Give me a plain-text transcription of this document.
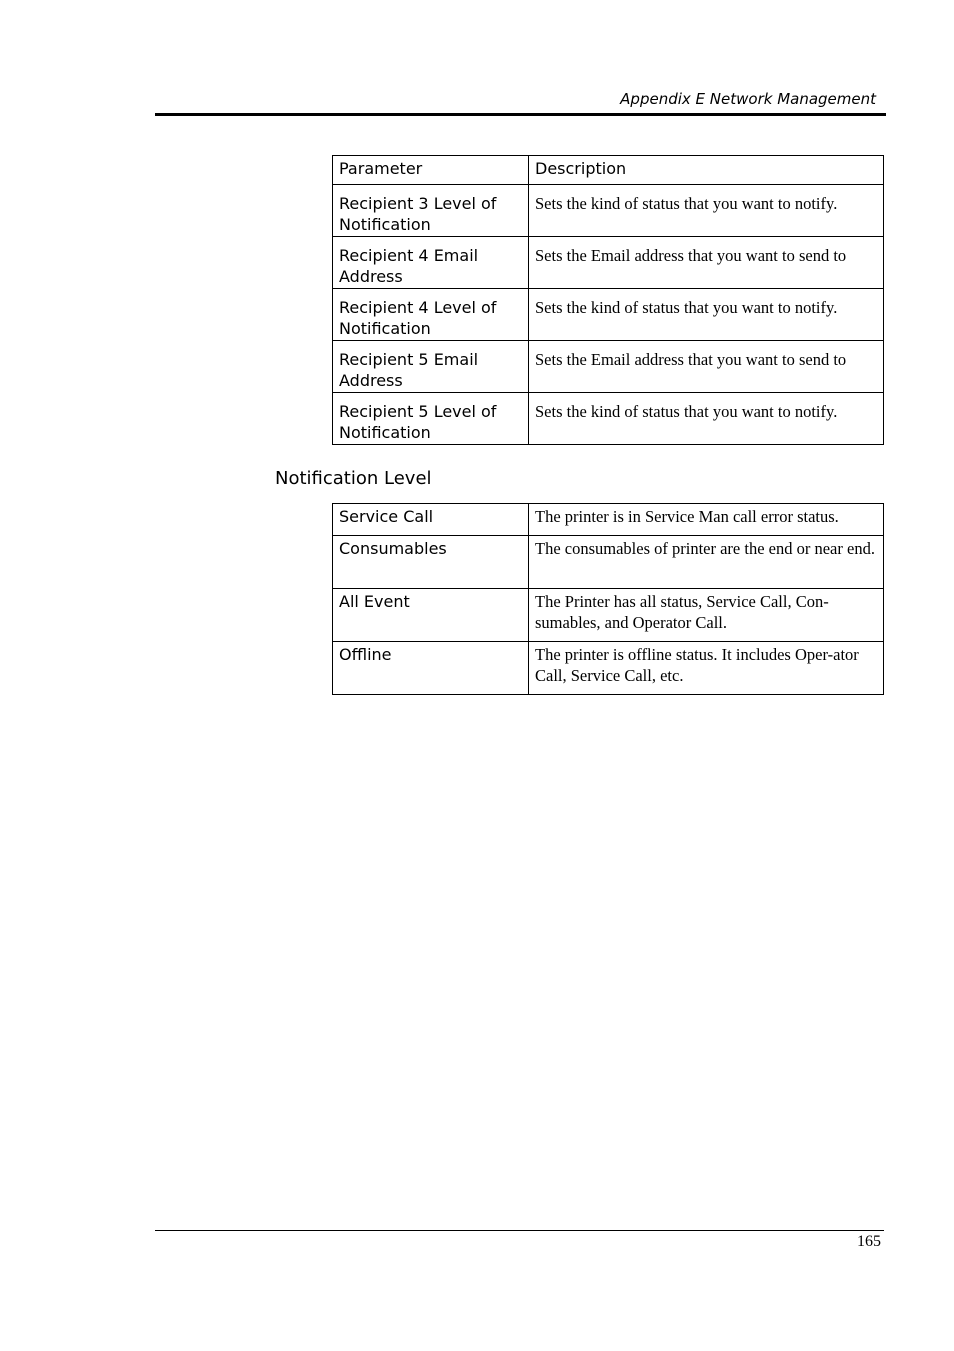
Appendix E Network Management
Parameter	Description
Recipient 3 Level of Notification	Sets the kind of status that you want to notify.
Recipient 4 Email Address	Sets the Email address that you want to send to
Recipient 4 Level of Notification	Sets the kind of status that you want to notify.
Recipient 5 Email Address	Sets the Email address that you want to send to
Recipient 5 Level of Notification	Sets the kind of status that you want to notify.
Notification Level
Service Call	The printer is in Service Man call error status.
Consumables	The consumables of printer are the end or near end.
All Event	The Printer has all status, Service Call, Con-sumables, and Operator Call.
Offline	The printer is offline status. It includes Oper-ator Call, Service Call, etc.
165
